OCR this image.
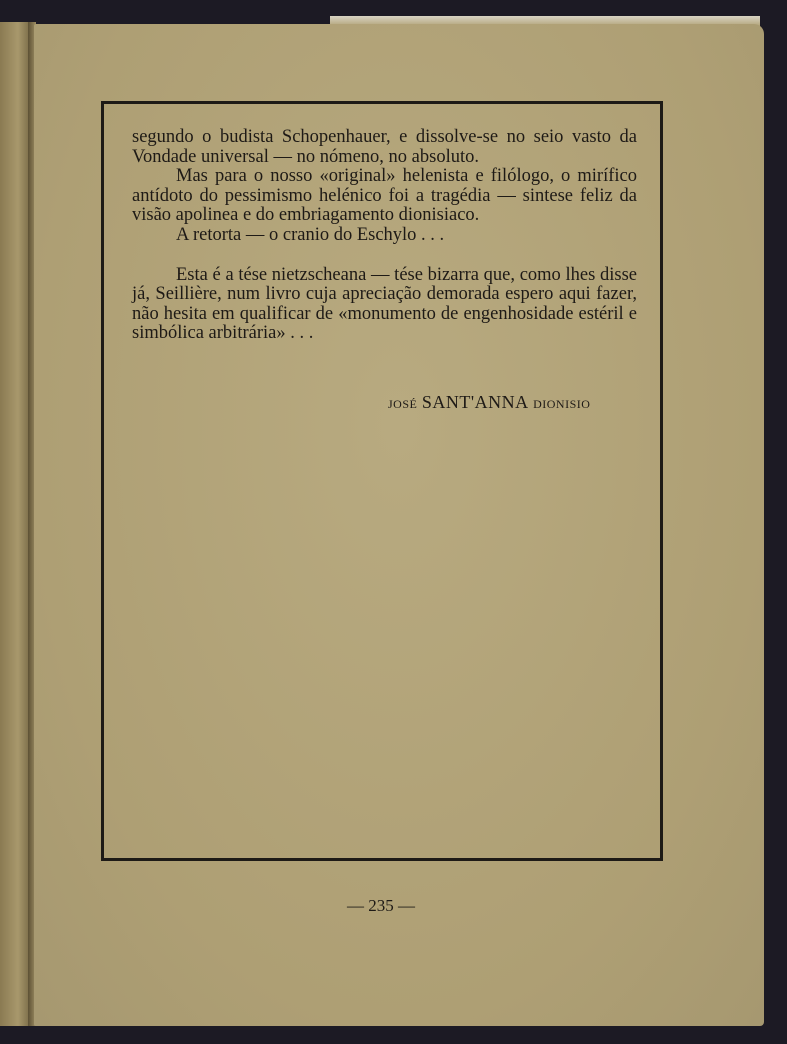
segundo o budista Schopenhauer, e dissolve-se no seio vasto da Vondade universal — no nómeno, no absoluto.

Mas para o nosso «original» helenista e filólogo, o mirífico antídoto do pessimismo helénico foi a tragédia — sintese feliz da visão apolinea e do embriagamento dionisiaco.

A retorta — o cranio do Eschylo . . .

Esta é a tése nietzscheana — tése bizarra que, como lhes disse já, Seillière, num livro cuja apreciação demorada espero aqui fazer, não hesita em qualificar de «monumento de engenhosidade estéril e simbólica arbitrária» . . .

JOSÉ SANT'ANNA DIONISIO
— 235 —
